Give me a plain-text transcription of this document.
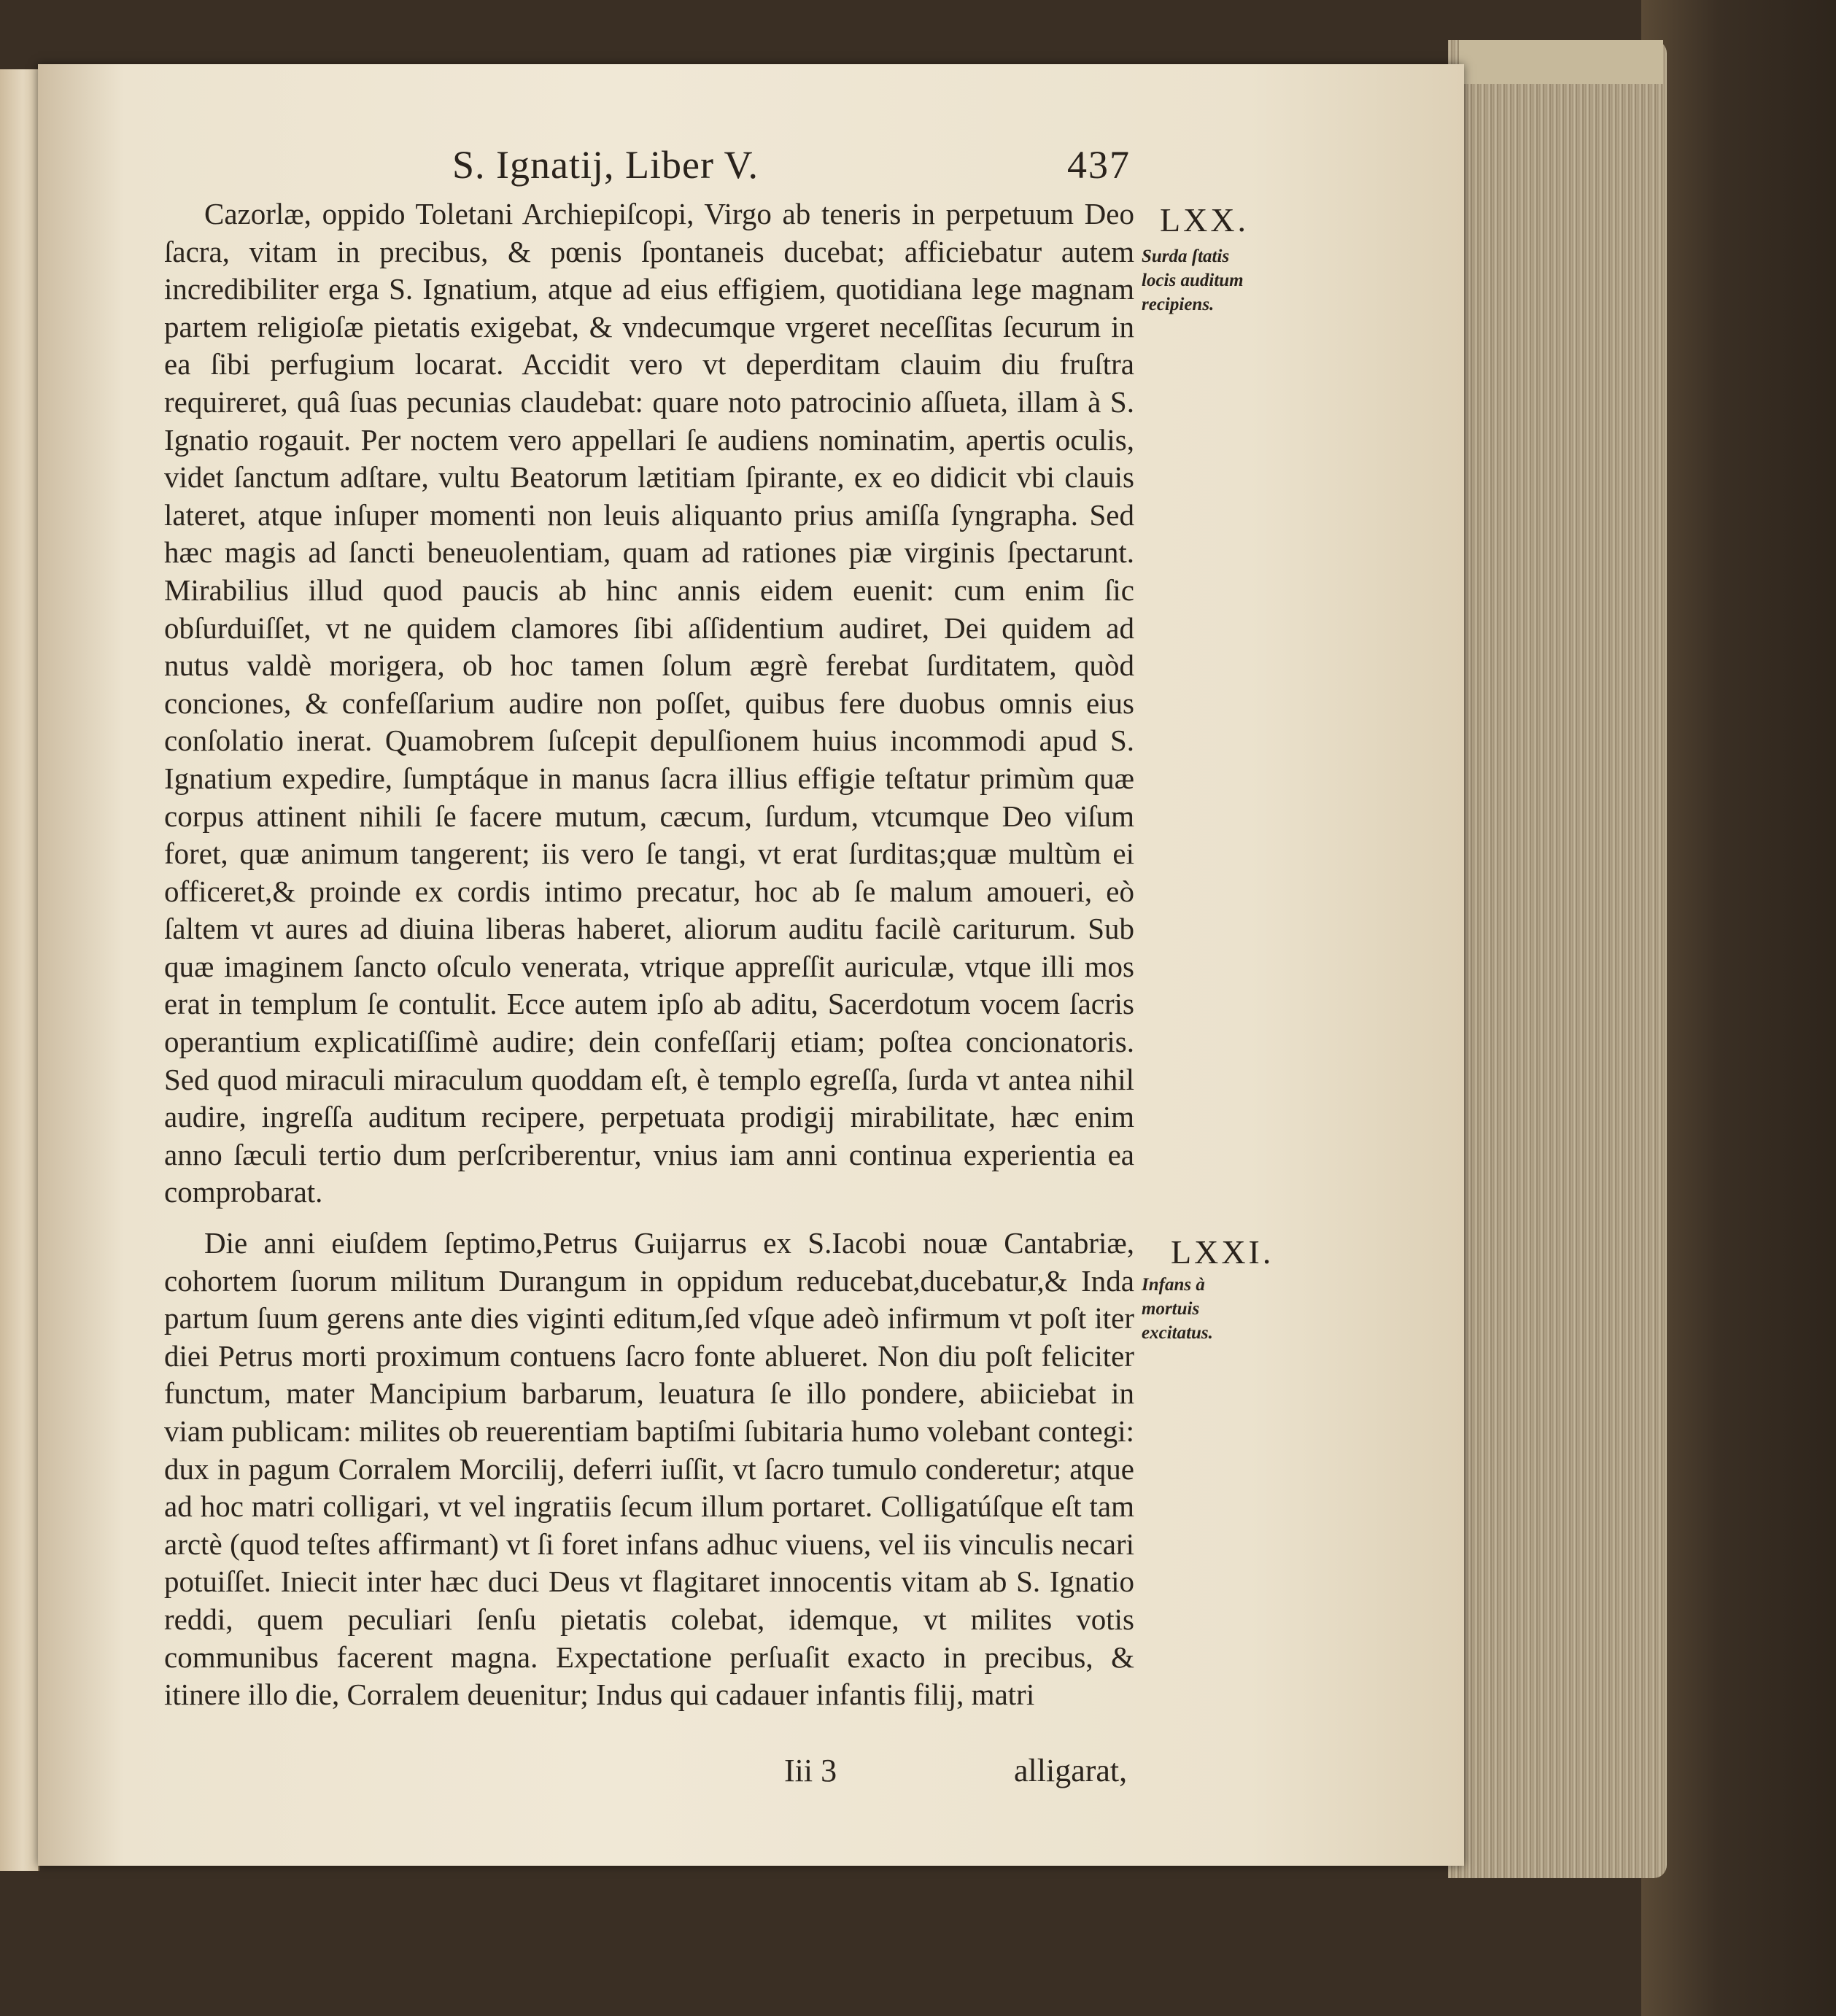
S. Ignatij, Liber V.	437

Cazorlæ, oppido Toletani Archiepiſcopi, Virgo ab teneris in perpetuum Deo ſacra, vitam in precibus, & pœnis ſpontaneis ducebat; afficiebatur autem incredibiliter erga S. Ignatium, atque ad eius effigiem, quotidiana lege magnam partem religioſæ pietatis exigebat, & vndecumque vrgeret neceſſitas ſecurum in ea ſibi perfugium locarat. Accidit vero vt deperditam clauim diu fruſtra requireret, quâ ſuas pecunias claudebat: quare noto patrocinio aſſueta, illam à S. Ignatio rogauit. Per noctem vero appellari ſe audiens nominatim, apertis oculis, videt ſanctum adſtare, vultu Beatorum lætitiam ſpirante, ex eo didicit vbi clauis lateret, atque inſuper momenti non leuis aliquanto prius amiſſa ſyngrapha. Sed hæc magis ad ſancti beneuolentiam, quam ad rationes piæ virginis ſpectarunt. Mirabilius illud quod paucis ab hinc annis eidem euenit: cum enim ſic obſurduiſſet, vt ne quidem clamores ſibi aſſidentium audiret, Dei quidem ad nutus valdè morigera, ob hoc tamen ſolum ægrè ferebat ſurditatem, quòd conciones, & confeſſarium audire non poſſet, quibus fere duobus omnis eius conſolatio inerat. Quamobrem ſuſcepit depulſionem huius incommodi apud S. Ignatium expedire, ſumptáque in manus ſacra illius effigie teſtatur primùm quæ corpus attinent nihili ſe facere mutum, cæcum, ſurdum, vtcumque Deo viſum foret, quæ animum tangerent; iis vero ſe tangi, vt erat ſurditas;quæ multùm ei officeret,& proinde ex cordis intimo precatur, hoc ab ſe malum amoueri, eò ſaltem vt aures ad diuina liberas haberet, aliorum auditu facilè cariturum. Sub quæ imaginem ſancto oſculo venerata, vtrique appreſſit auriculæ, vtque illi mos erat in templum ſe contulit. Ecce autem ipſo ab aditu, Sacerdotum vocem ſacris operantium explicatiſſimè audire; dein confeſſarij etiam; poſtea concionatoris. Sed quod miraculi miraculum quoddam eſt, è templo egreſſa, ſurda vt antea nihil audire, ingreſſa auditum recipere, perpetuata prodigij mirabilitate, hæc enim anno ſæculi tertio dum perſcriberentur, vnius iam anni continua experientia ea comprobarat.

Die anni eiuſdem ſeptimo,Petrus Guijarrus ex S.Iacobi nouæ Cantabriæ, cohortem ſuorum militum Durangum in oppidum reducebat,ducebatur,& Inda partum ſuum gerens ante dies viginti editum,ſed vſque adeò infirmum vt poſt iter diei Petrus morti proximum contuens ſacro fonte ablueret. Non diu poſt feliciter functum, mater Mancipium barbarum, leuatura ſe illo pondere, abiiciebat in viam publicam: milites ob reuerentiam baptiſmi ſubitaria humo volebant contegi: dux in pagum Corralem Morcilij, deferri iuſſit, vt ſacro tumulo conderetur; atque ad hoc matri colligari, vt vel ingratiis ſecum illum portaret. Colligatúſque eſt tam arctè (quod teſtes affirmant) vt ſi foret infans adhuc viuens, vel iis vinculis necari potuiſſet. Iniecit inter hæc duci Deus vt flagitaret innocentis vitam ab S. Ignatio reddi, quem peculiari ſenſu pietatis colebat, idemque, vt milites votis communibus facerent magna. Expectatione perſuaſit exacto in precibus, & itinere illo die, Corralem deuenitur; Indus qui cadauer infantis filij, matri

LXX.
Surda ſtatis locis auditum recipiens.
LXXI.
Infans à mortuis excitatus.
Iii 3	alligarat,
